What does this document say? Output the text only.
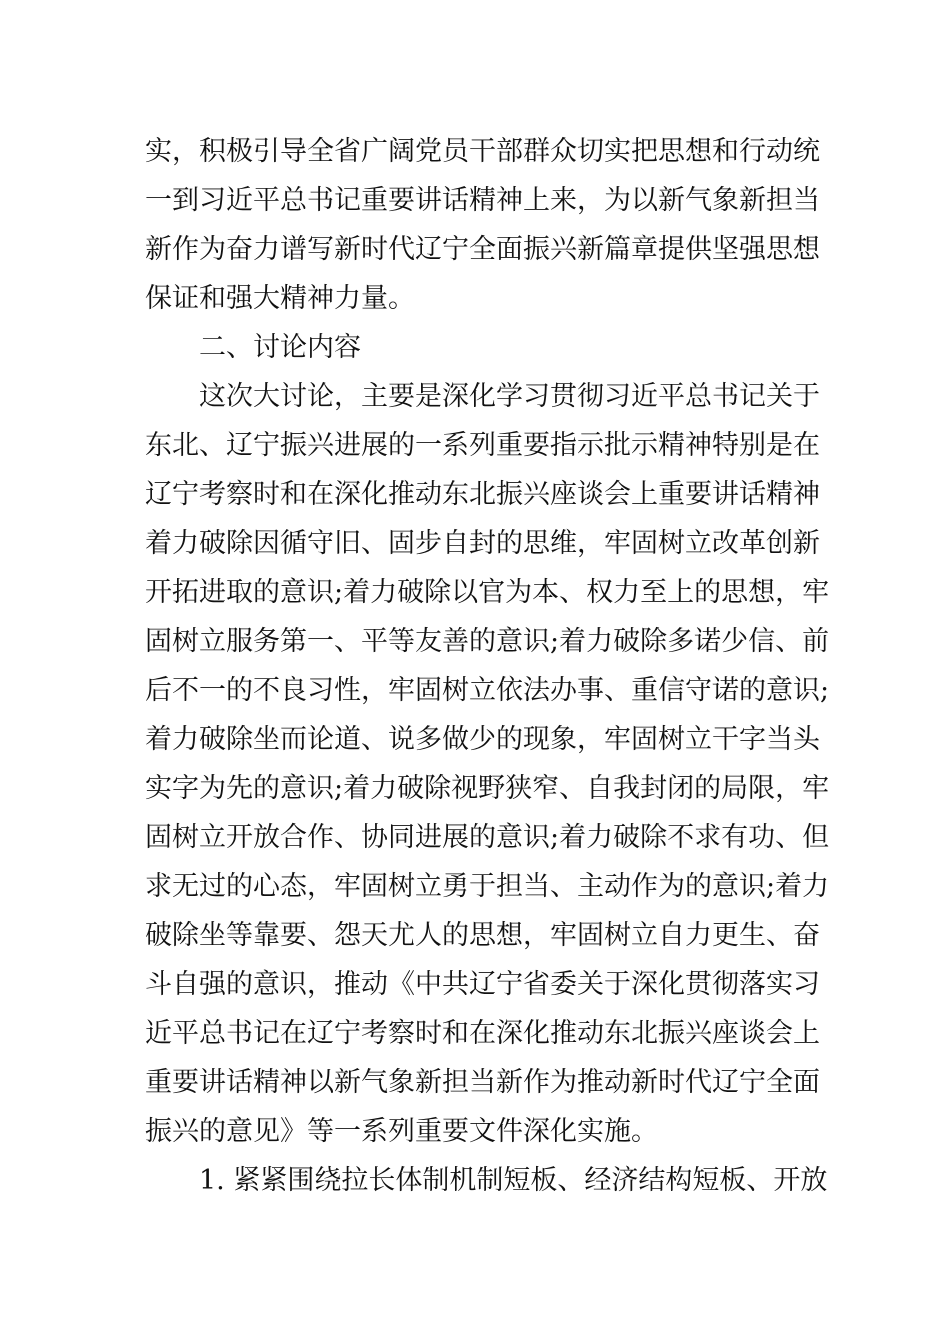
实，积极引导全省广阔党员干部群众切实把思想和行动统
一到习近平总书记重要讲话精神上来，为以新气象新担当
新作为奋力谱写新时代辽宁全面振兴新篇章提供坚强思想
保证和强大精神力量。
二、讨论内容
这次大讨论，主要是深化学习贯彻习近平总书记关于
东北、辽宁振兴进展的一系列重要指示批示精神特别是在
辽宁考察时和在深化推动东北振兴座谈会上重要讲话精神
着力破除因循守旧、固步自封的思维，牢固树立改革创新
开拓进取的意识;着力破除以官为本、权力至上的思想，牢
固树立服务第一、平等友善的意识;着力破除多诺少信、前
后不一的不良习性，牢固树立依法办事、重信守诺的意识;
着力破除坐而论道、说多做少的现象，牢固树立干字当头
实字为先的意识;着力破除视野狭窄、自我封闭的局限，牢
固树立开放合作、协同进展的意识;着力破除不求有功、但
求无过的心态，牢固树立勇于担当、主动作为的意识;着力
破除坐等靠要、怨天尤人的思想，牢固树立自力更生、奋
斗自强的意识，推动《中共辽宁省委关于深化贯彻落实习
近平总书记在辽宁考察时和在深化推动东北振兴座谈会上
重要讲话精神以新气象新担当新作为推动新时代辽宁全面
振兴的意见》等一系列重要文件深化实施。
1. 紧紧围绕拉长体制机制短板、经济结构短板、开放
